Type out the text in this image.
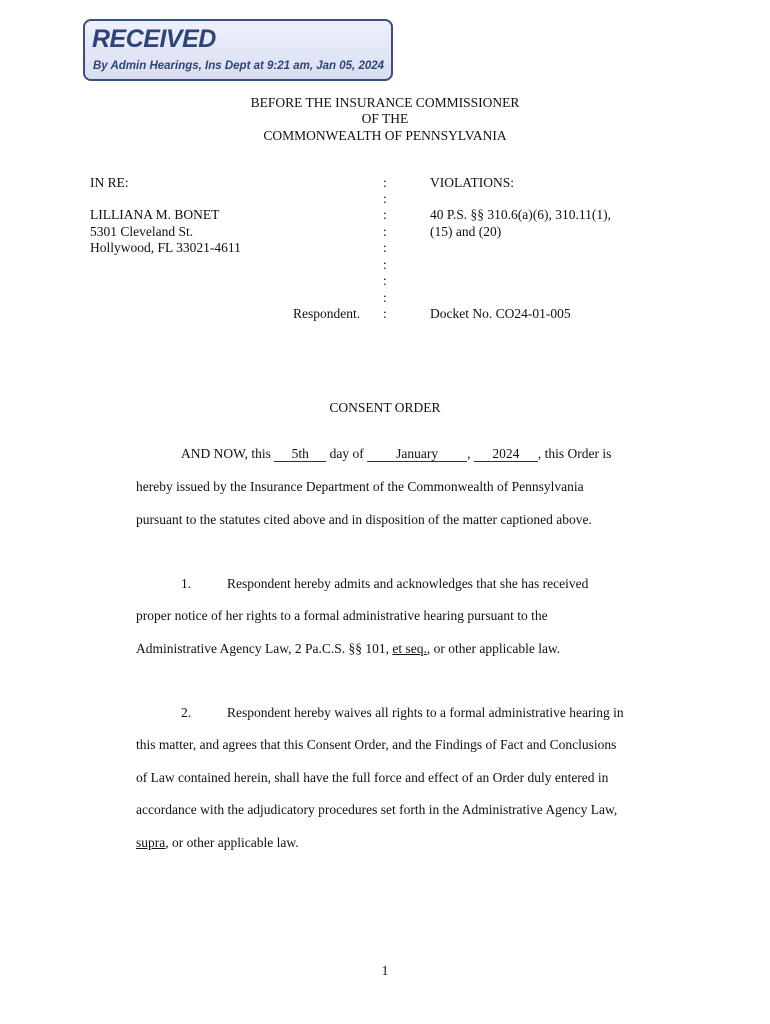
RECEIVED
By Admin Hearings, Ins Dept at 9:21 am, Jan 05, 2024
BEFORE THE INSURANCE COMMISSIONER
OF THE
COMMONWEALTH OF PENNSYLVANIA
IN RE:
LILLIANA M. BONET
5301 Cleveland St.
Hollywood, FL 33021-4611
Respondent.
:
:
:
:
:
:
:
:
:
VIOLATIONS:
40 P.S. §§ 310.6(a)(6), 310.11(1),
(15) and (20)
Docket No. CO24-01-005
CONSENT ORDER
AND NOW, this 5th day of January , 2024 , this Order is
hereby issued by the Insurance Department of the Commonwealth of Pennsylvania
pursuant to the statutes cited above and in disposition of the matter captioned above.
1.	Respondent hereby admits and acknowledges that she has received
proper notice of her rights to a formal administrative hearing pursuant to the
Administrative Agency Law, 2 Pa.C.S. §§ 101, et seq., or other applicable law.
2.	Respondent hereby waives all rights to a formal administrative hearing in
this matter, and agrees that this Consent Order, and the Findings of Fact and Conclusions
of Law contained herein, shall have the full force and effect of an Order duly entered in
accordance with the adjudicatory procedures set forth in the Administrative Agency Law,
supra, or other applicable law.
1
